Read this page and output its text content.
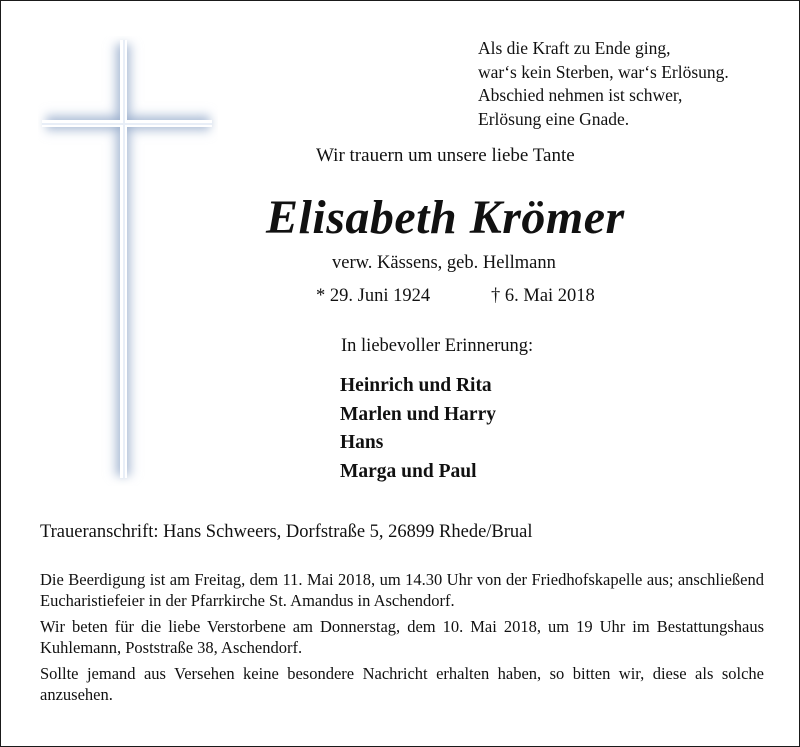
Als die Kraft zu Ende ging,
war‘s kein Sterben, war‘s Erlösung.
Abschied nehmen ist schwer,
Erlösung eine Gnade.
Wir trauern um unsere liebe Tante
Elisabeth Krömer
verw. Kässens, geb. Hellmann
* 29. Juni 1924	† 6. Mai 2018
In liebevoller Erinnerung:
Heinrich und Rita
Marlen und Harry
Hans
Marga und Paul
Traueranschrift: Hans Schweers, Dorfstraße 5, 26899 Rhede/Brual

Die Beerdigung ist am Freitag, dem 11. Mai 2018, um 14.30 Uhr von der Friedhofskapelle aus; anschließend Eucharistiefeier in der Pfarrkirche St. Amandus in Aschendorf.

Wir beten für die liebe Verstorbene am Donnerstag, dem 10. Mai 2018, um 19 Uhr im Bestattungshaus Kuhlemann, Poststraße 38, Aschendorf.

Sollte jemand aus Versehen keine besondere Nachricht erhalten haben, so bitten wir, diese als solche anzusehen.
